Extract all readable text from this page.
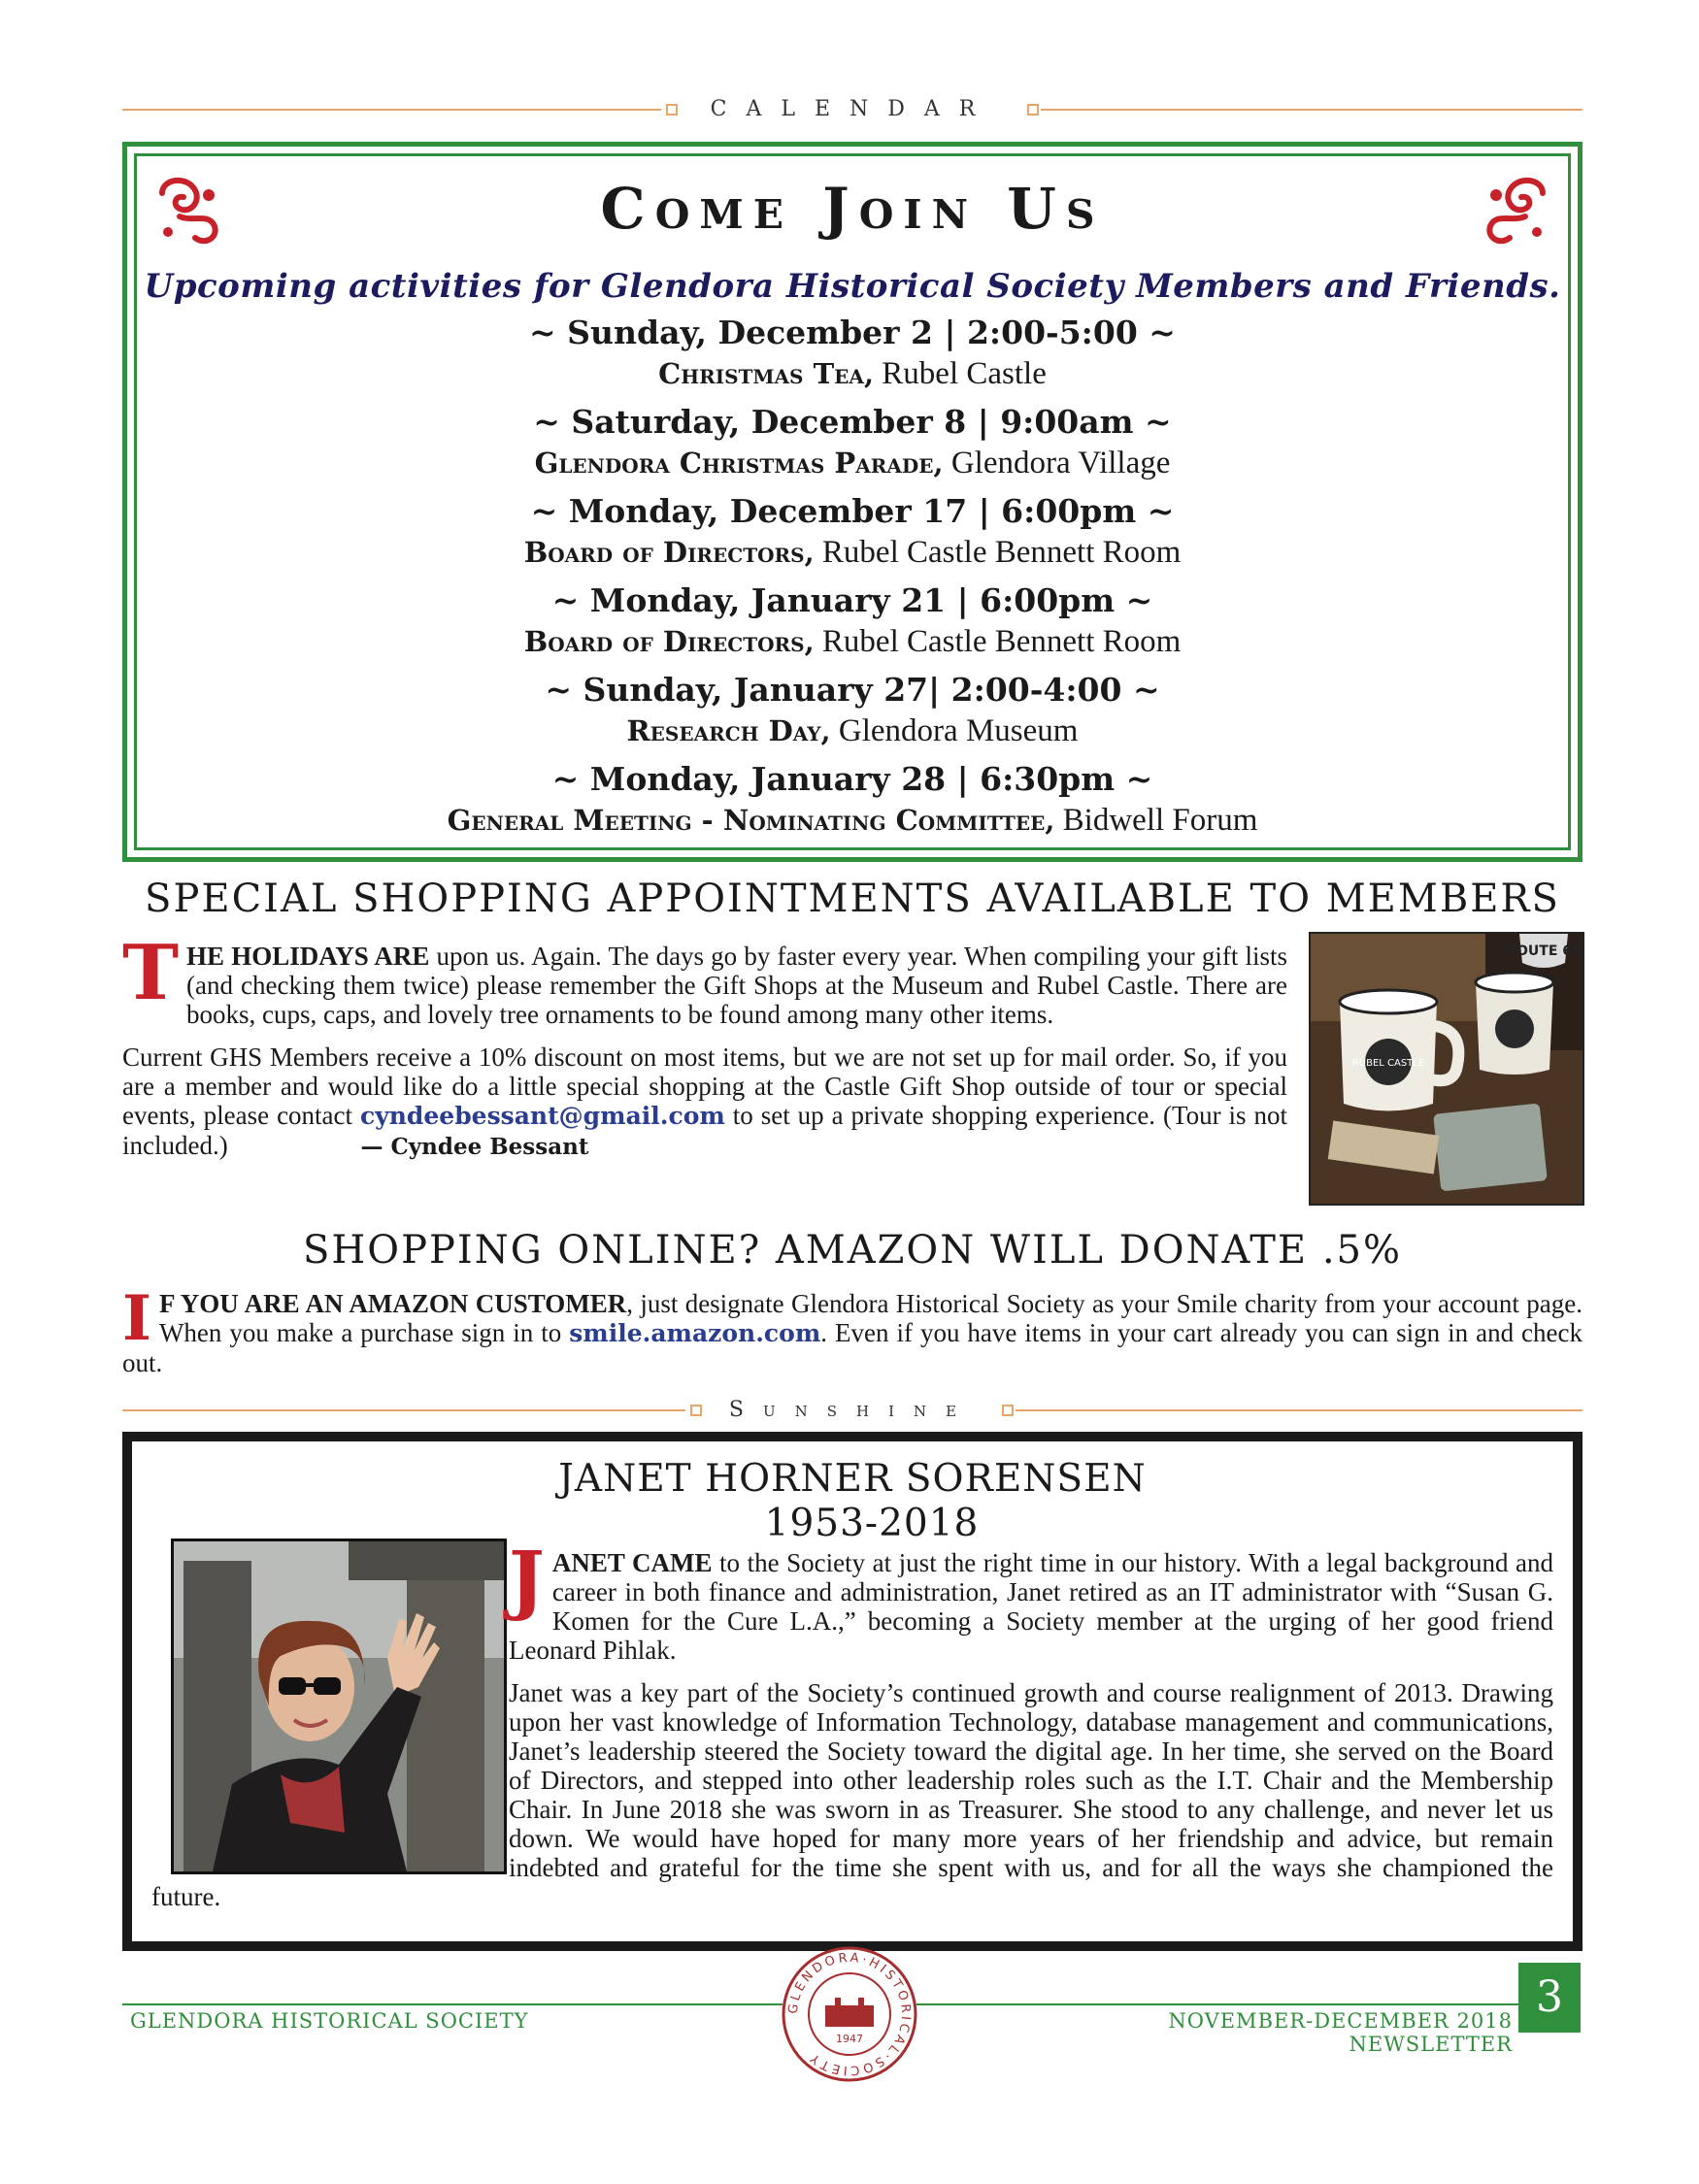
CALENDAR
Come Join Us
Upcoming activities for Glendora Historical Society Members and Friends.
~ Sunday, December 2 | 2:00-5:00 ~
Christmas Tea, Rubel Castle
~ Saturday, December 8 | 9:00am ~
Glendora Christmas Parade, Glendora Village
~ Monday, December 17 | 6:00pm ~
Board of Directors, Rubel Castle Bennett Room
~ Monday, January 21 | 6:00pm ~
Board of Directors, Rubel Castle Bennett Room
~ Sunday, January 27| 2:00-4:00 ~
Research Day, Glendora Museum
~ Monday, January 28 | 6:30pm ~
General Meeting - Nominating Committee, Bidwell Forum
SPECIAL SHOPPING APPOINTMENTS AVAILABLE TO MEMBERS

THE HOLIDAYS ARE upon us. Again. The days go by faster every year. When compiling your gift lists (and checking them twice) please remember the Gift Shops at the Museum and Rubel Castle. There are books, cups, caps, and lovely tree ornaments to be found among many other items.

Current GHS Members receive a 10% discount on most items, but we are not set up for mail order. So, if you are a member and would like do a little special shopping at the Castle Gift Shop outside of tour or special events, please contact cyndeebessant@gmail.com to set up a private shopping experience. (Tour is not included.)	— Cyndee Bessant

RUBEL CASTLE
ROUTE 66
SHOPPING ONLINE? AMAZON WILL DONATE .5%

I F YOU ARE AN AMAZON CUSTOMER, just designate Glendora Historical Society as your Smile charity from your account page. When you make a purchase sign in to smile.amazon.com. Even if you have items in your cart already you can sign in and check out.

Sunshine
JANET HORNER SORENSEN
1953-2018

JANET CAME to the Society at just the right time in our history. With a legal background and career in both finance and administration, Janet retired as an IT administrator with “Susan G. Komen for the Cure L.A.,” becoming a Society member at the urging of her good friend Leonard Pihlak.

Janet was a key part of the Society’s continued growth and course realignment of 2013. Drawing upon her vast knowledge of Information Technology, database management and communications, Janet’s leadership steered the Society toward the digital age. In her time, she served on the Board of Directors, and stepped into other leadership roles such as the I.T. Chair and the Membership Chair. In June 2018 she was sworn in as Treasurer. She stood to any challenge, and never let us down. We would have hoped for many more years of her friendship and advice, but remain indebted and grateful for the time she spent with us, and for all the ways she championed the future.

GLENDORA HISTORICAL SOCIETY	NOVEMBER-DECEMBER 2018 NEWSLETTER
3
GLENDORA·HISTORICAL·SOCIETY
1947
